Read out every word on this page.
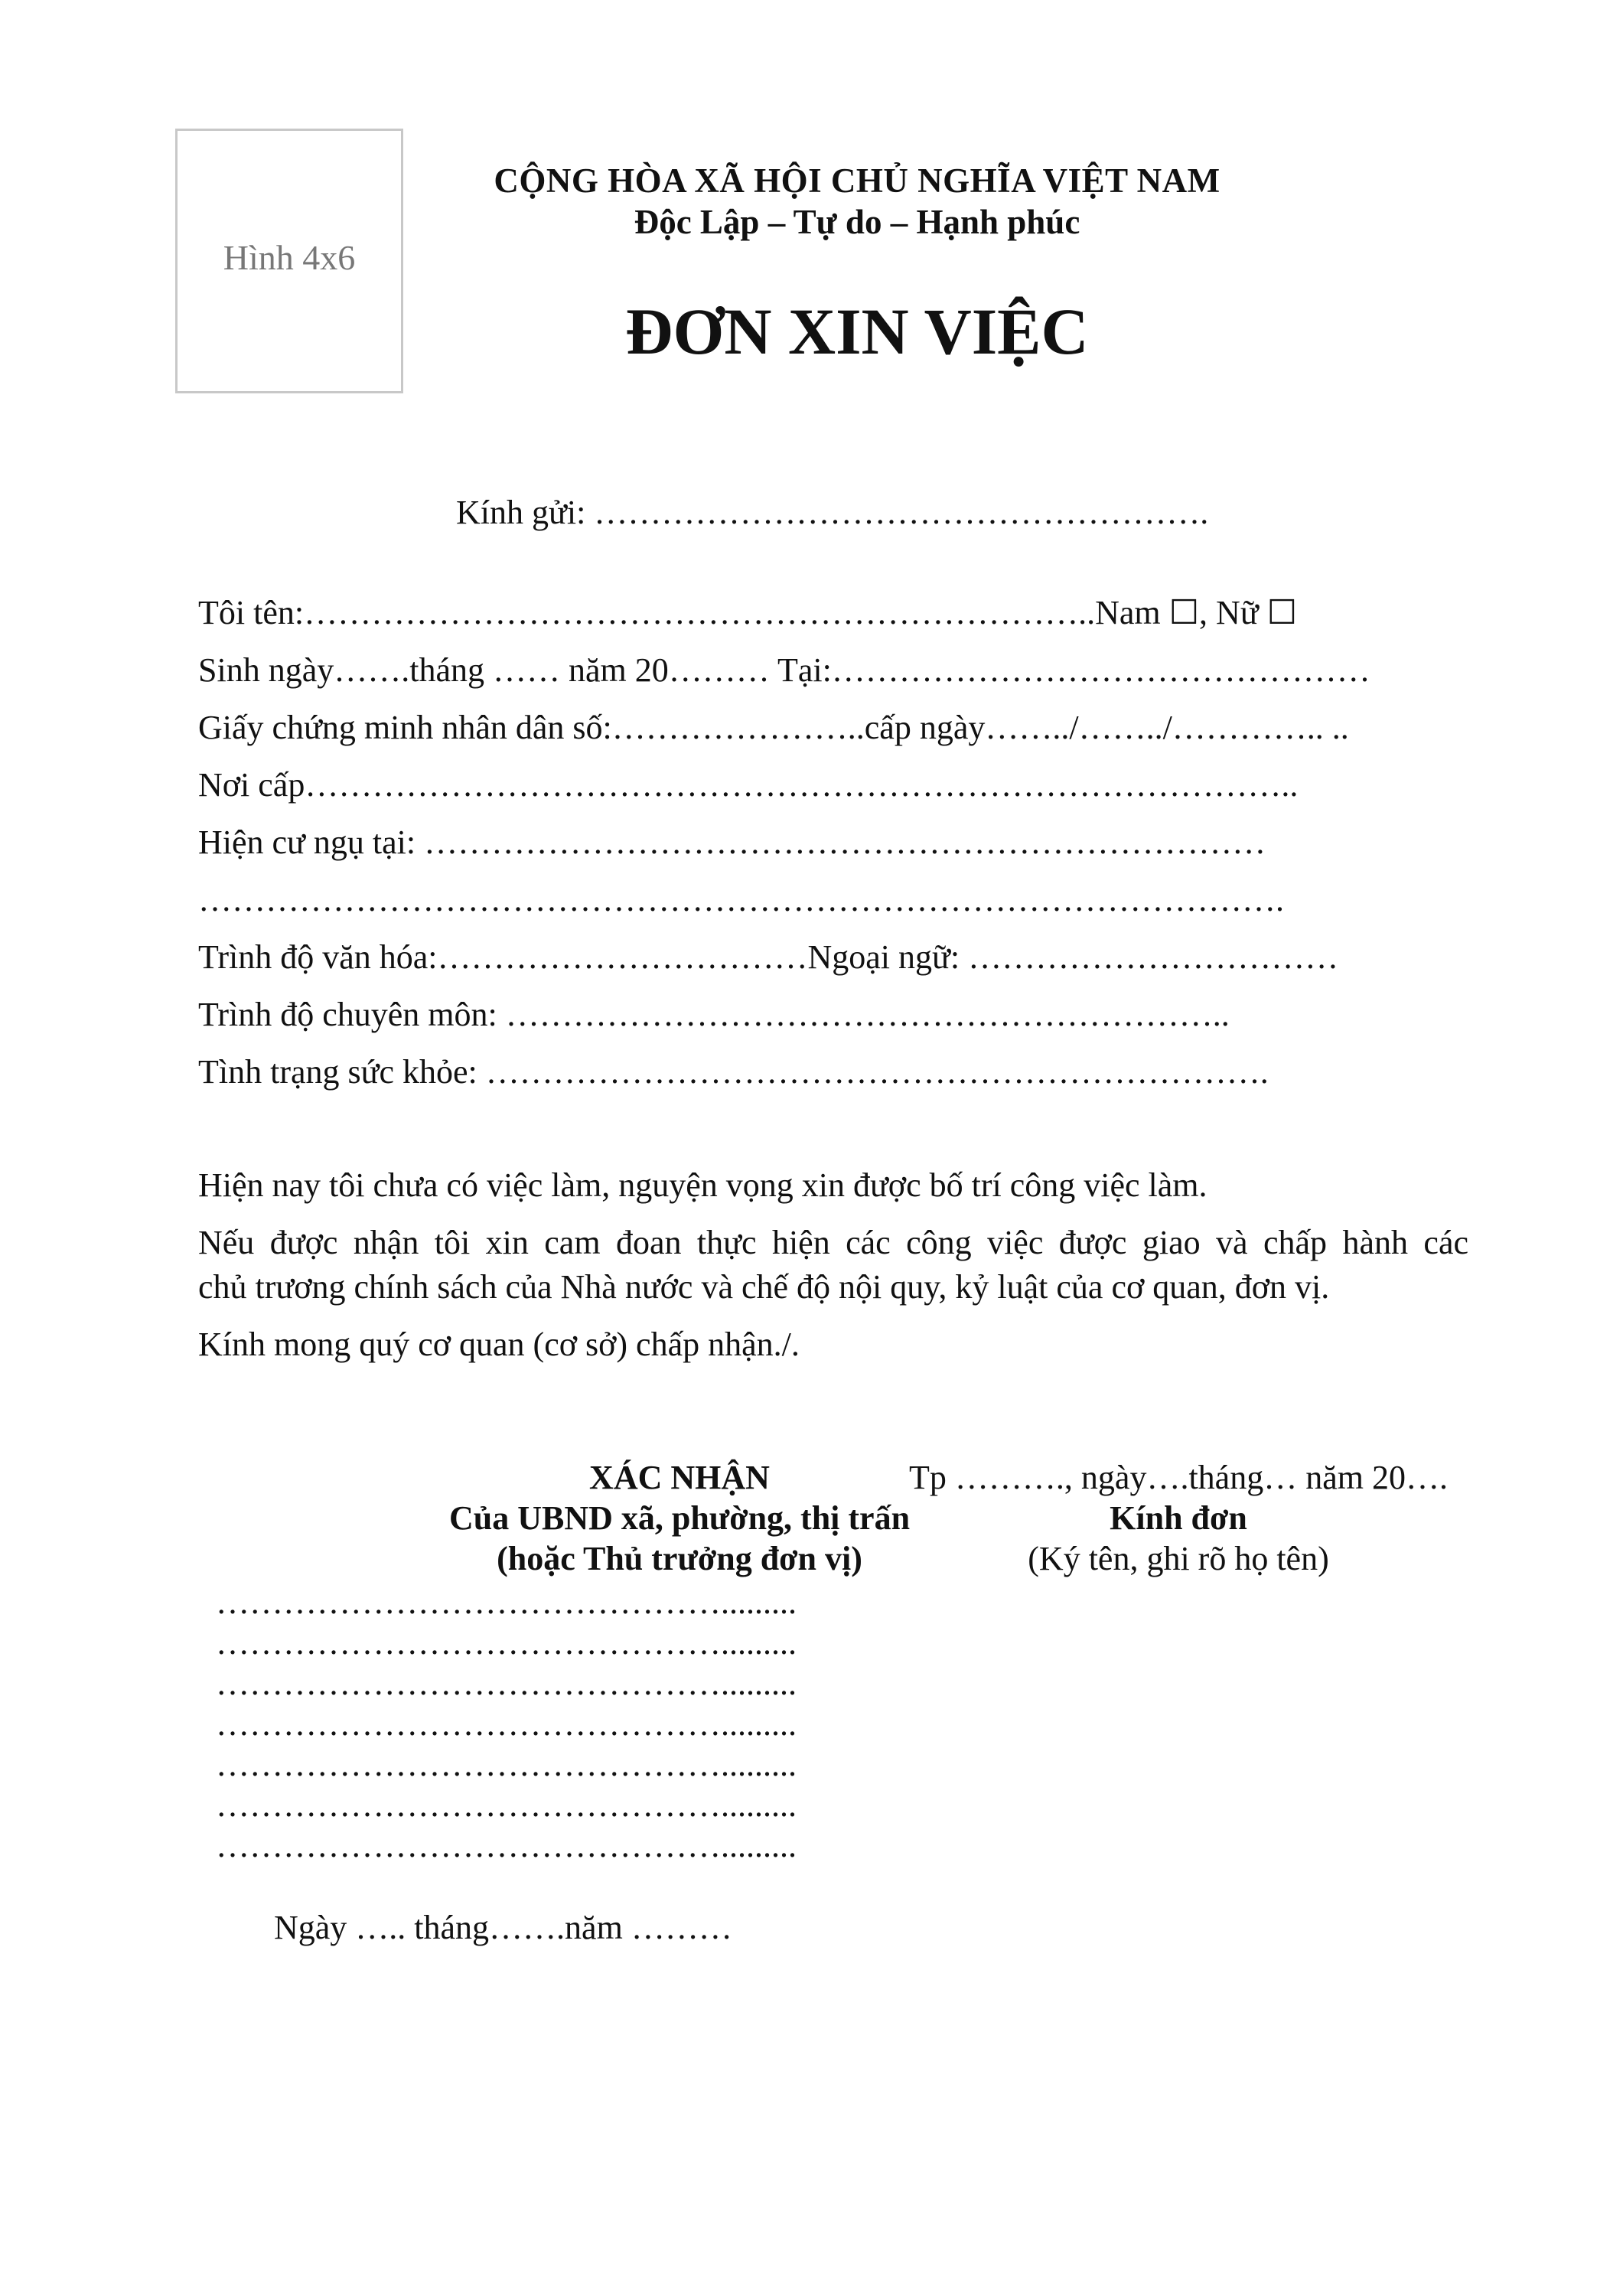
Hình 4x6
CỘNG HÒA XÃ HỘI CHỦ NGHĨA VIỆT NAM
Độc Lập – Tự do – Hạnh phúc
ĐƠN XIN VIỆC
Kính gửi: ……………………………………………….
Tôi tên:……………………………………………………………..Nam ☐, Nữ ☐
Sinh ngày…….tháng …… năm 20……… Tại:…………………………………………
Giấy chứng minh nhân dân số:…………………..cấp ngày……../……../………….. ..
Nơi cấp……………………………………………………………………………..
Hiện cư ngụ tại: …………………………………………………………………
…………………………………………………………………………………….
Trình độ văn hóa:……………………………Ngoại ngữ: ……………………………
Trình độ chuyên môn: ………………………………………………………..
Tình trạng sức khỏe: …………………………………………………………….
Hiện nay tôi chưa có việc làm, nguyện vọng xin được bố trí công việc làm.
Nếu được nhận tôi xin cam đoan thực hiện các công việc được giao và chấp hành các
chủ trương chính sách của Nhà nước và chế độ nội quy, kỷ luật của cơ quan, đơn vị.
Kính mong quý cơ quan (cơ sở) chấp nhận./.
XÁC NHẬN
Của UBND xã, phường, thị trấn
(hoặc Thủ trưởng đơn vị)
……………………………………….........
……………………………………….........
……………………………………….........
……………………………………….........
……………………………………….........
……………………………………….........
……………………………………….........
Ngày ….. tháng…….năm ………
Tp ………., ngày….tháng… năm 20….
Kính đơn
(Ký tên, ghi rõ họ tên)
